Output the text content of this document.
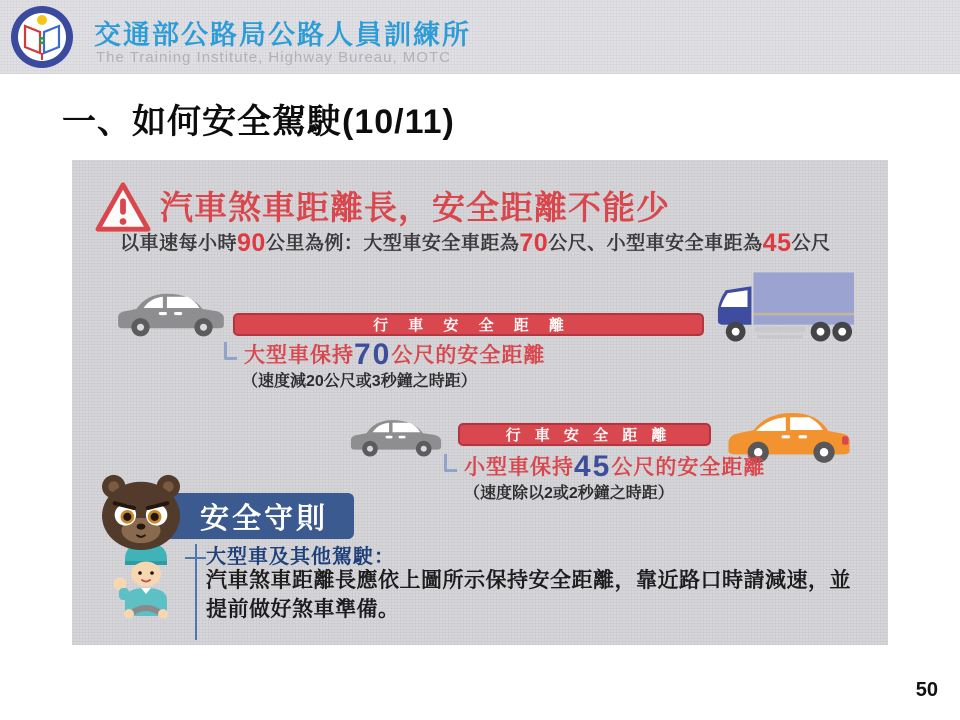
交通部公路局公路人員訓練所
The Training Institute, Highway Bureau, MOTC
一、如何安全駕駛(10/11)
汽車煞車距離長，安全距離不能少
以車速每小時90公里為例：大型車安全車距為70公尺、小型車安全車距為45公尺
行 車 安 全 距 離
大型車保持70公尺的安全距離
（速度減20公尺或3秒鐘之時距）
行 車 安 全 距 離
小型車保持45公尺的安全距離
（速度除以2或2秒鐘之時距）
安全守則
大型車及其他駕駛：
汽車煞車距離長應依上圖所示保持安全距離，靠近路口時請減速，並提前做好煞車準備。
50
